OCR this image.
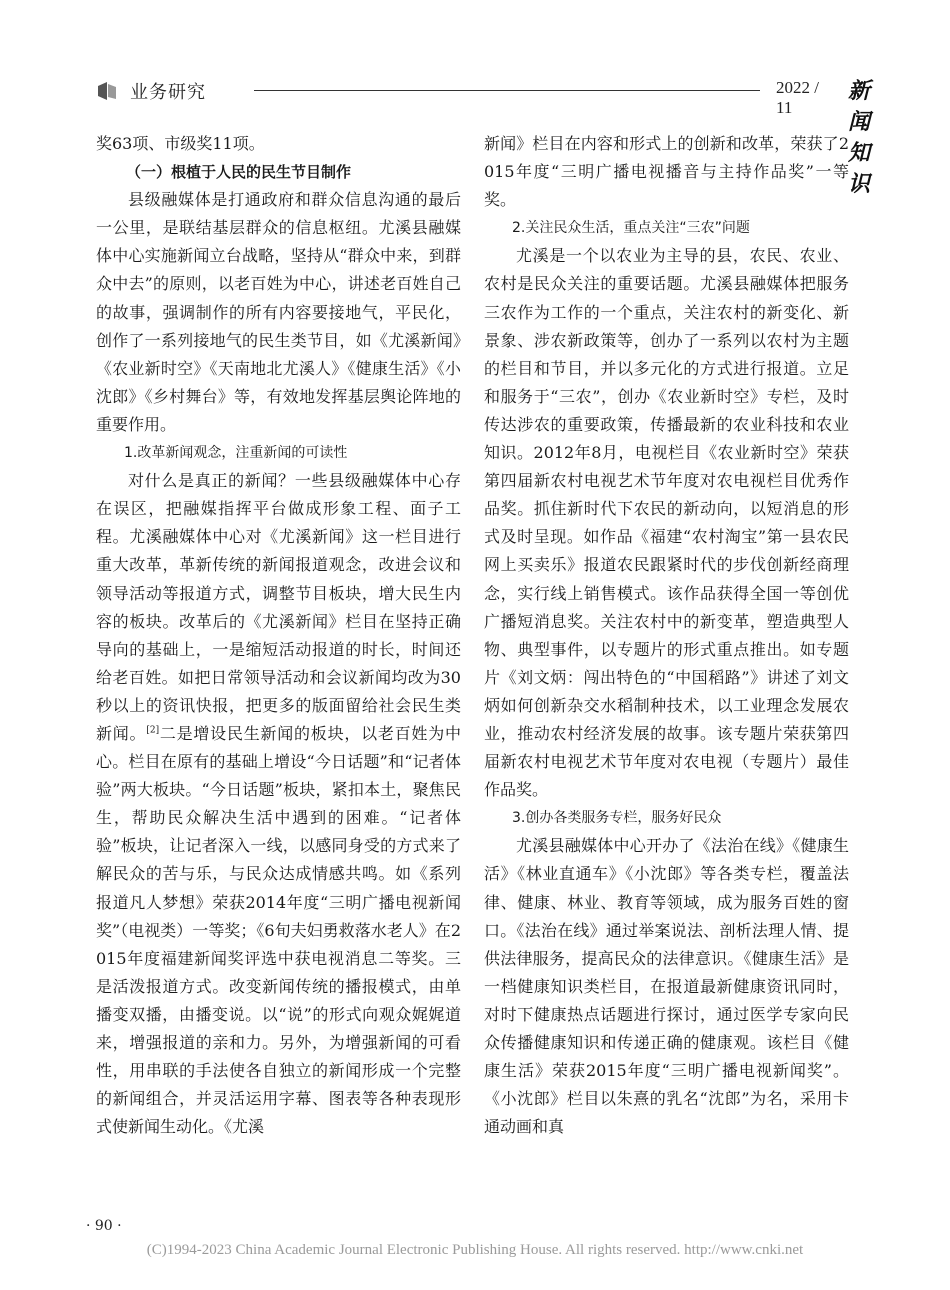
业务研究	2022 / 11
新闻知识

奖63项、市级奖11项。

（一）根植于人民的民生节目制作

县级融媒体是打通政府和群众信息沟通的最后一公里，是联结基层群众的信息枢纽。尤溪县融媒体中心实施新闻立台战略，坚持从“群众中来，到群众中去”的原则，以老百姓为中心，讲述老百姓自己的故事，强调制作的所有内容要接地气，平民化，创作了一系列接地气的民生类节目，如《尤溪新闻》《农业新时空》《天南地北尤溪人》《健康生活》《小沈郎》《乡村舞台》等，有效地发挥基层舆论阵地的重要作用。

1.改革新闻观念，注重新闻的可读性

对什么是真正的新闻？一些县级融媒体中心存在误区，把融媒指挥平台做成形象工程、面子工程。尤溪融媒体中心对《尤溪新闻》这一栏目进行重大改革，革新传统的新闻报道观念，改进会议和领导活动等报道方式，调整节目板块，增大民生内容的板块。改革后的《尤溪新闻》栏目在坚持正确导向的基础上，一是缩短活动报道的时长，时间还给老百姓。如把日常领导活动和会议新闻均改为30秒以上的资讯快报，把更多的版面留给社会民生类新闻。[2]二是增设民生新闻的板块，以老百姓为中心。栏目在原有的基础上增设“今日话题”和“记者体验”两大板块。“今日话题”板块，紧扣本土，聚焦民生，帮助民众解决生活中遇到的困难。“记者体验”板块，让记者深入一线，以感同身受的方式来了解民众的苦与乐，与民众达成情感共鸣。如《系列报道凡人梦想》荣获2014年度“三明广播电视新闻奖”（电视类）一等奖；《6旬夫妇勇救落水老人》在2015年度福建新闻奖评选中获电视消息二等奖。三是活泼报道方式。改变新闻传统的播报模式，由单播变双播，由播变说。以“说”的形式向观众娓娓道来，增强报道的亲和力。另外，为增强新闻的可看性，用串联的手法使各自独立的新闻形成一个完整的新闻组合，并灵活运用字幕、图表等各种表现形式使新闻生动化。《尤溪

新闻》栏目在内容和形式上的创新和改革，荣获了2015年度“三明广播电视播音与主持作品奖”一等奖。

2.关注民众生活，重点关注“三农”问题

尤溪是一个以农业为主导的县，农民、农业、农村是民众关注的重要话题。尤溪县融媒体把服务三农作为工作的一个重点，关注农村的新变化、新景象、涉农新政策等，创办了一系列以农村为主题的栏目和节目，并以多元化的方式进行报道。立足和服务于“三农”，创办《农业新时空》专栏，及时传达涉农的重要政策，传播最新的农业科技和农业知识。2012年8月，电视栏目《农业新时空》荣获第四届新农村电视艺术节年度对农电视栏目优秀作品奖。抓住新时代下农民的新动向，以短消息的形式及时呈现。如作品《福建“农村淘宝”第一县农民网上买卖乐》报道农民跟紧时代的步伐创新经商理念，实行线上销售模式。该作品获得全国一等创优广播短消息奖。关注农村中的新变革，塑造典型人物、典型事件，以专题片的形式重点推出。如专题片《刘文炳：闯出特色的“中国稻路”》讲述了刘文炳如何创新杂交水稻制种技术，以工业理念发展农业，推动农村经济发展的故事。该专题片荣获第四届新农村电视艺术节年度对农电视（专题片）最佳作品奖。

3.创办各类服务专栏，服务好民众

尤溪县融媒体中心开办了《法治在线》《健康生活》《林业直通车》《小沈郎》等各类专栏，覆盖法律、健康、林业、教育等领域，成为服务百姓的窗口。《法治在线》通过举案说法、剖析法理人情、提供法律服务，提高民众的法律意识。《健康生活》是一档健康知识类栏目，在报道最新健康资讯同时，对时下健康热点话题进行探讨，通过医学专家向民众传播健康知识和传递正确的健康观。该栏目《健康生活》荣获2015年度“三明广播电视新闻奖”。《小沈郎》栏目以朱熹的乳名“沈郎”为名，采用卡通动画和真

· 90 ·
(C)1994-2023 China Academic Journal Electronic Publishing House. All rights reserved. http://www.cnki.net
